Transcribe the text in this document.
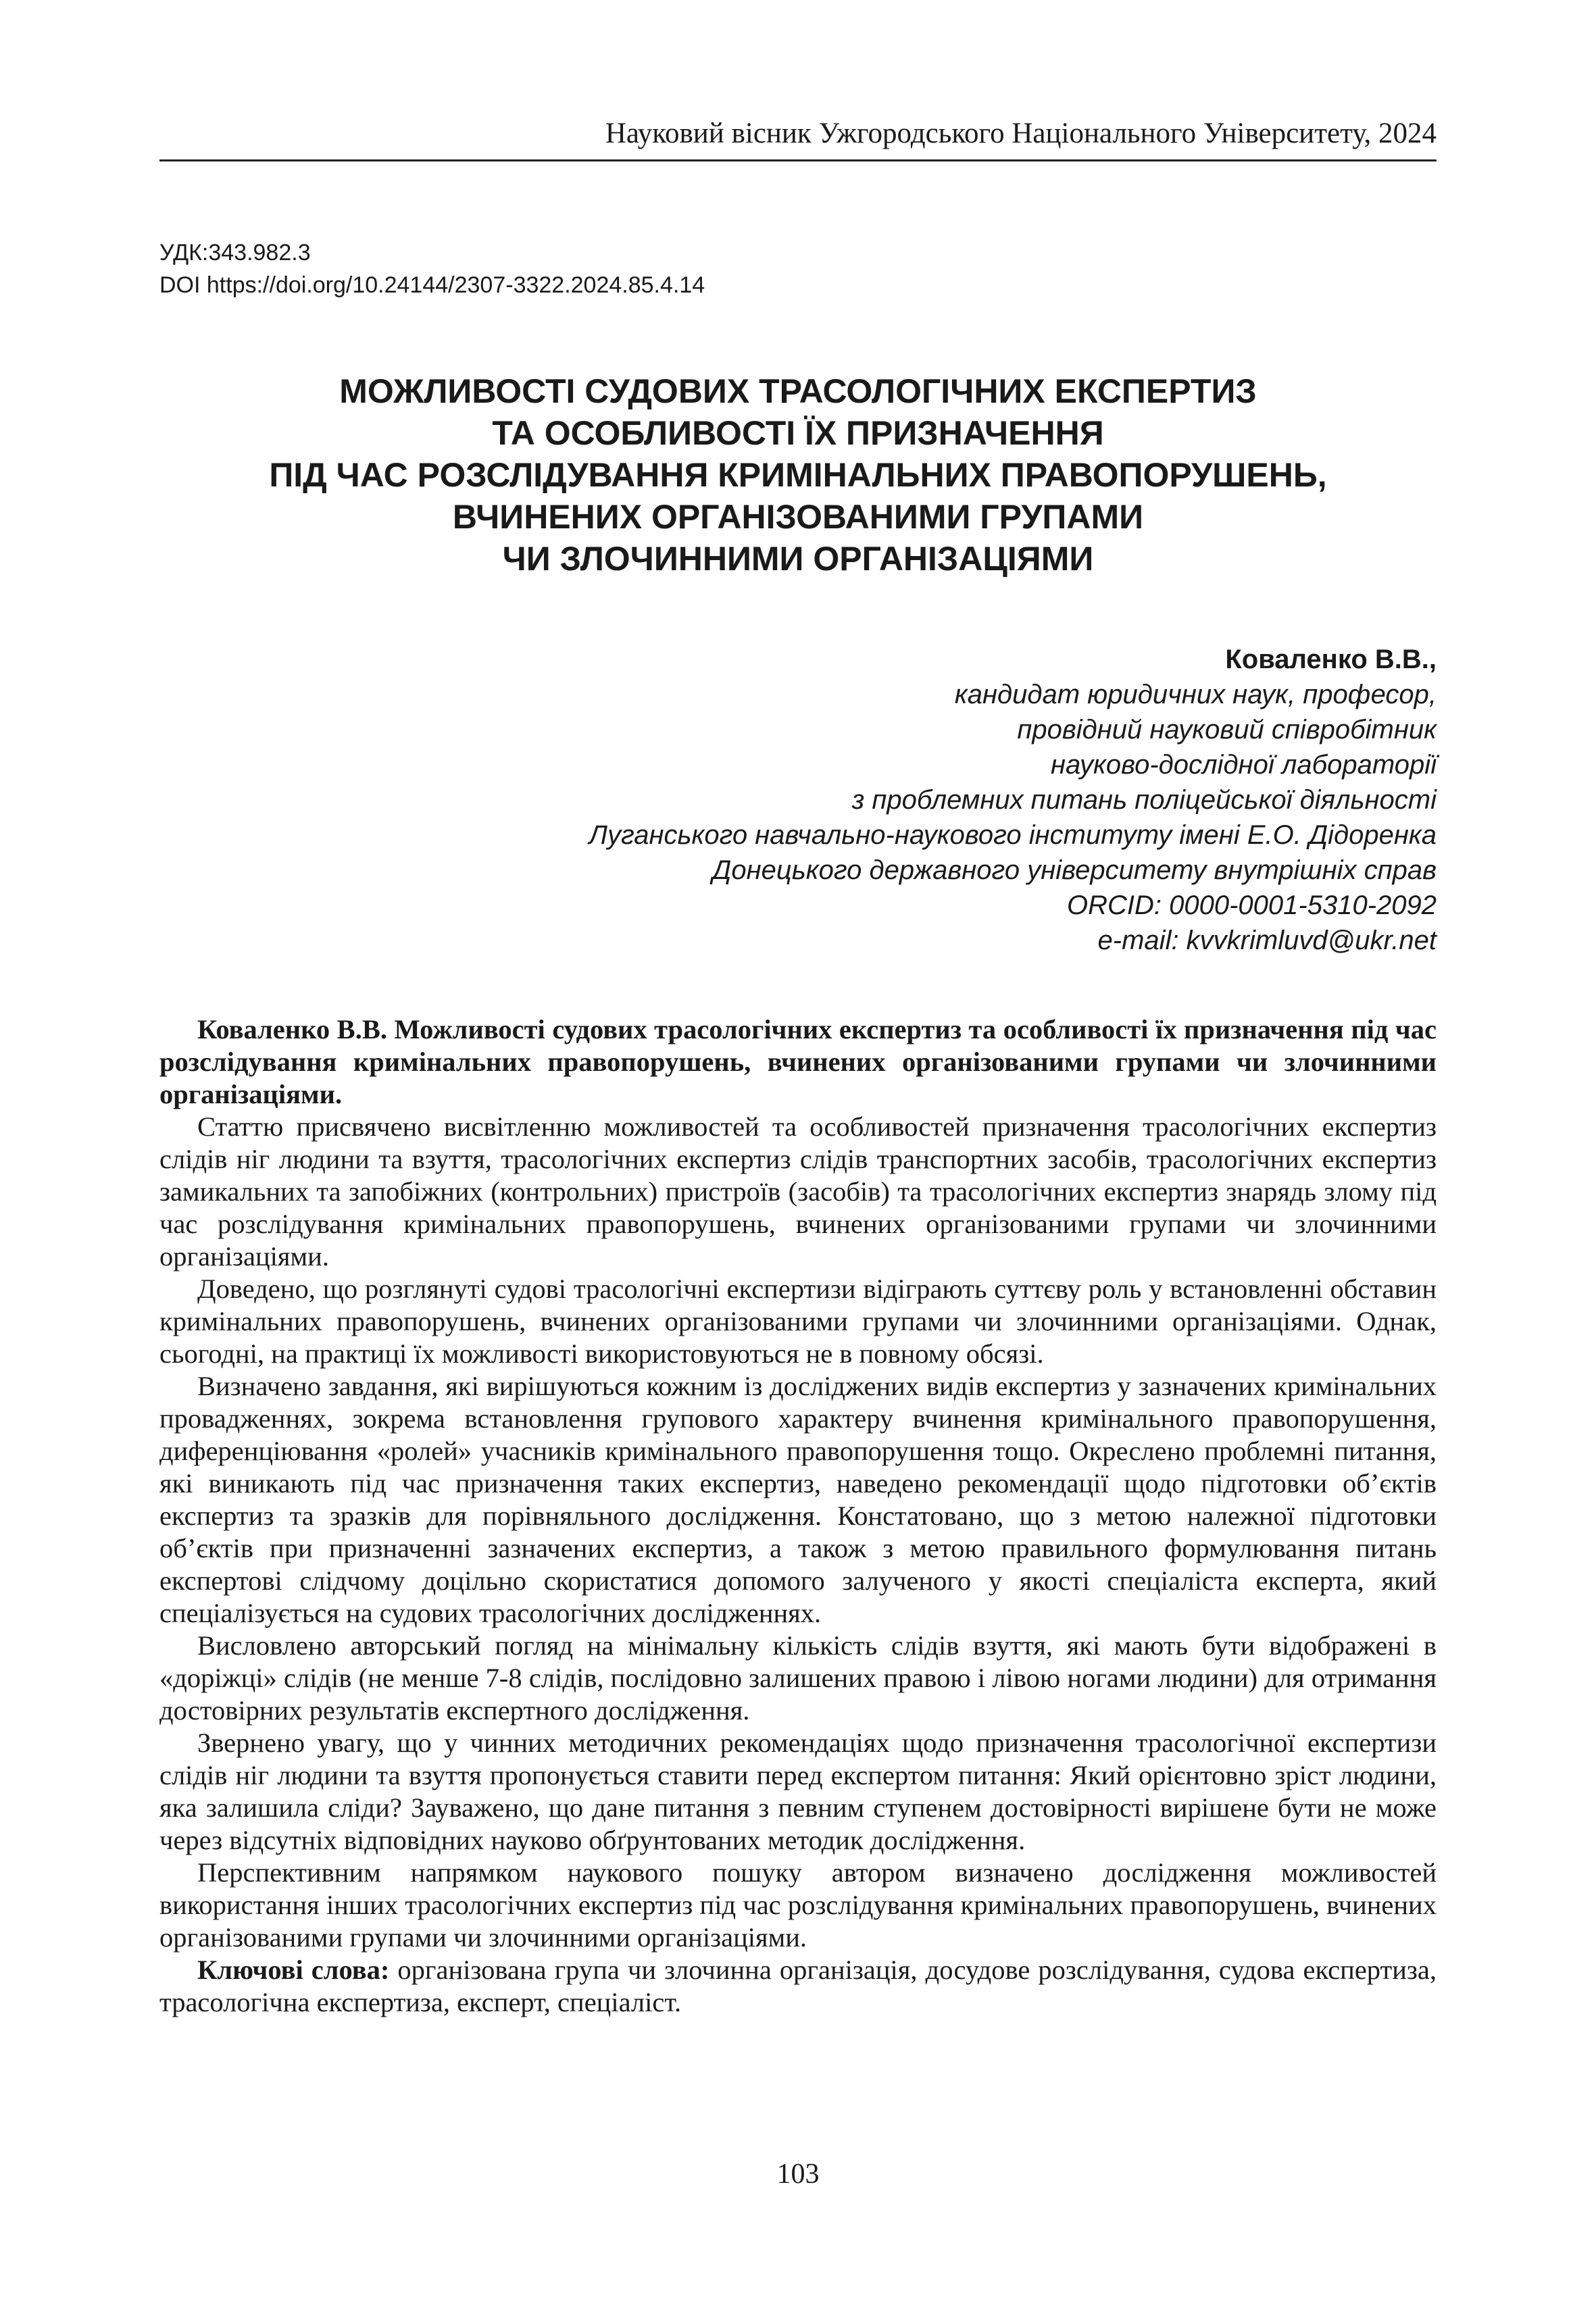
Науковий вісник Ужгородського Національного Університету, 2024
УДК:343.982.3
DOI https://doi.org/10.24144/2307-3322.2024.85.4.14
МОЖЛИВОСТІ СУДОВИХ ТРАСОЛОГІЧНИХ ЕКСПЕРТИЗ
ТА ОСОБЛИВОСТІ ЇХ ПРИЗНАЧЕННЯ
ПІД ЧАС РОЗСЛІДУВАННЯ КРИМІНАЛЬНИХ ПРАВОПОРУШЕНЬ,
ВЧИНЕНИХ ОРГАНІЗОВАНИМИ ГРУПАМИ
ЧИ ЗЛОЧИННИМИ ОРГАНІЗАЦІЯМИ
Коваленко В.В.,
кандидат юридичних наук, професор,
провідний науковий співробітник
науково-дослідної лабораторії
з проблемних питань поліцейської діяльності
Луганського навчально-наукового інституту імені Е.О. Дідоренка
Донецького державного університету внутрішніх справ
ORCID: 0000-0001-5310-2092
e-mail: kvvkrimluvd@ukr.net

Коваленко В.В. Можливості судових трасологічних експертиз та особливості їх призначення під час розслідування кримінальних правопорушень, вчинених організованими групами чи злочинними організаціями.

Статтю присвячено висвітленню можливостей та особливостей призначення трасологічних експертиз слідів ніг людини та взуття, трасологічних експертиз слідів транспортних засобів, трасологічних експертиз замикальних та запобіжних (контрольних) пристроїв (засобів) та трасологічних експертиз знарядь злому під час розслідування кримінальних правопорушень, вчинених організованими групами чи злочинними організаціями.

Доведено, що розглянуті судові трасологічні експертизи відіграють суттєву роль у встановленні обставин кримінальних правопорушень, вчинених організованими групами чи злочинними організаціями. Однак, сьогодні, на практиці їх можливості використовуються не в повному обсязі.

Визначено завдання, які вирішуються кожним із досліджених видів експертиз у зазначених кримінальних провадженнях, зокрема встановлення групового характеру вчинення кримінального правопорушення, диференціювання «ролей» учасників кримінального правопорушення тощо. Окреслено проблемні питання, які виникають під час призначення таких експертиз, наведено рекомендації щодо підготовки об’єктів експертиз та зразків для порівняльного дослідження. Констатовано, що з метою належної підготовки об’єктів при призначенні зазначених експертиз, а також з метою правильного формулювання питань експертові слідчому доцільно скористатися допомого залученого у якості спеціаліста експерта, який спеціалізується на судових трасологічних дослідженнях.

Висловлено авторський погляд на мінімальну кількість слідів взуття, які мають бути відображені в «доріжці» слідів (не менше 7-8 слідів, послідовно залишених правою і лівою ногами людини) для отримання достовірних результатів експертного дослідження.

Звернено увагу, що у чинних методичних рекомендаціях щодо призначення трасологічної експертизи слідів ніг людини та взуття пропонується ставити перед експертом питання: Який орієнтовно зріст людини, яка залишила сліди? Зауважено, що дане питання з певним ступенем достовірності вирішене бути не може через відсутніх відповідних науково обґрунтованих методик дослідження.

Перспективним напрямком наукового пошуку автором визначено дослідження можливостей використання інших трасологічних експертиз під час розслідування кримінальних правопорушень, вчинених організованими групами чи злочинними організаціями.

Ключові слова: організована група чи злочинна організація, досудове розслідування, судова експертиза, трасологічна експертиза, експерт, спеціаліст.

103
